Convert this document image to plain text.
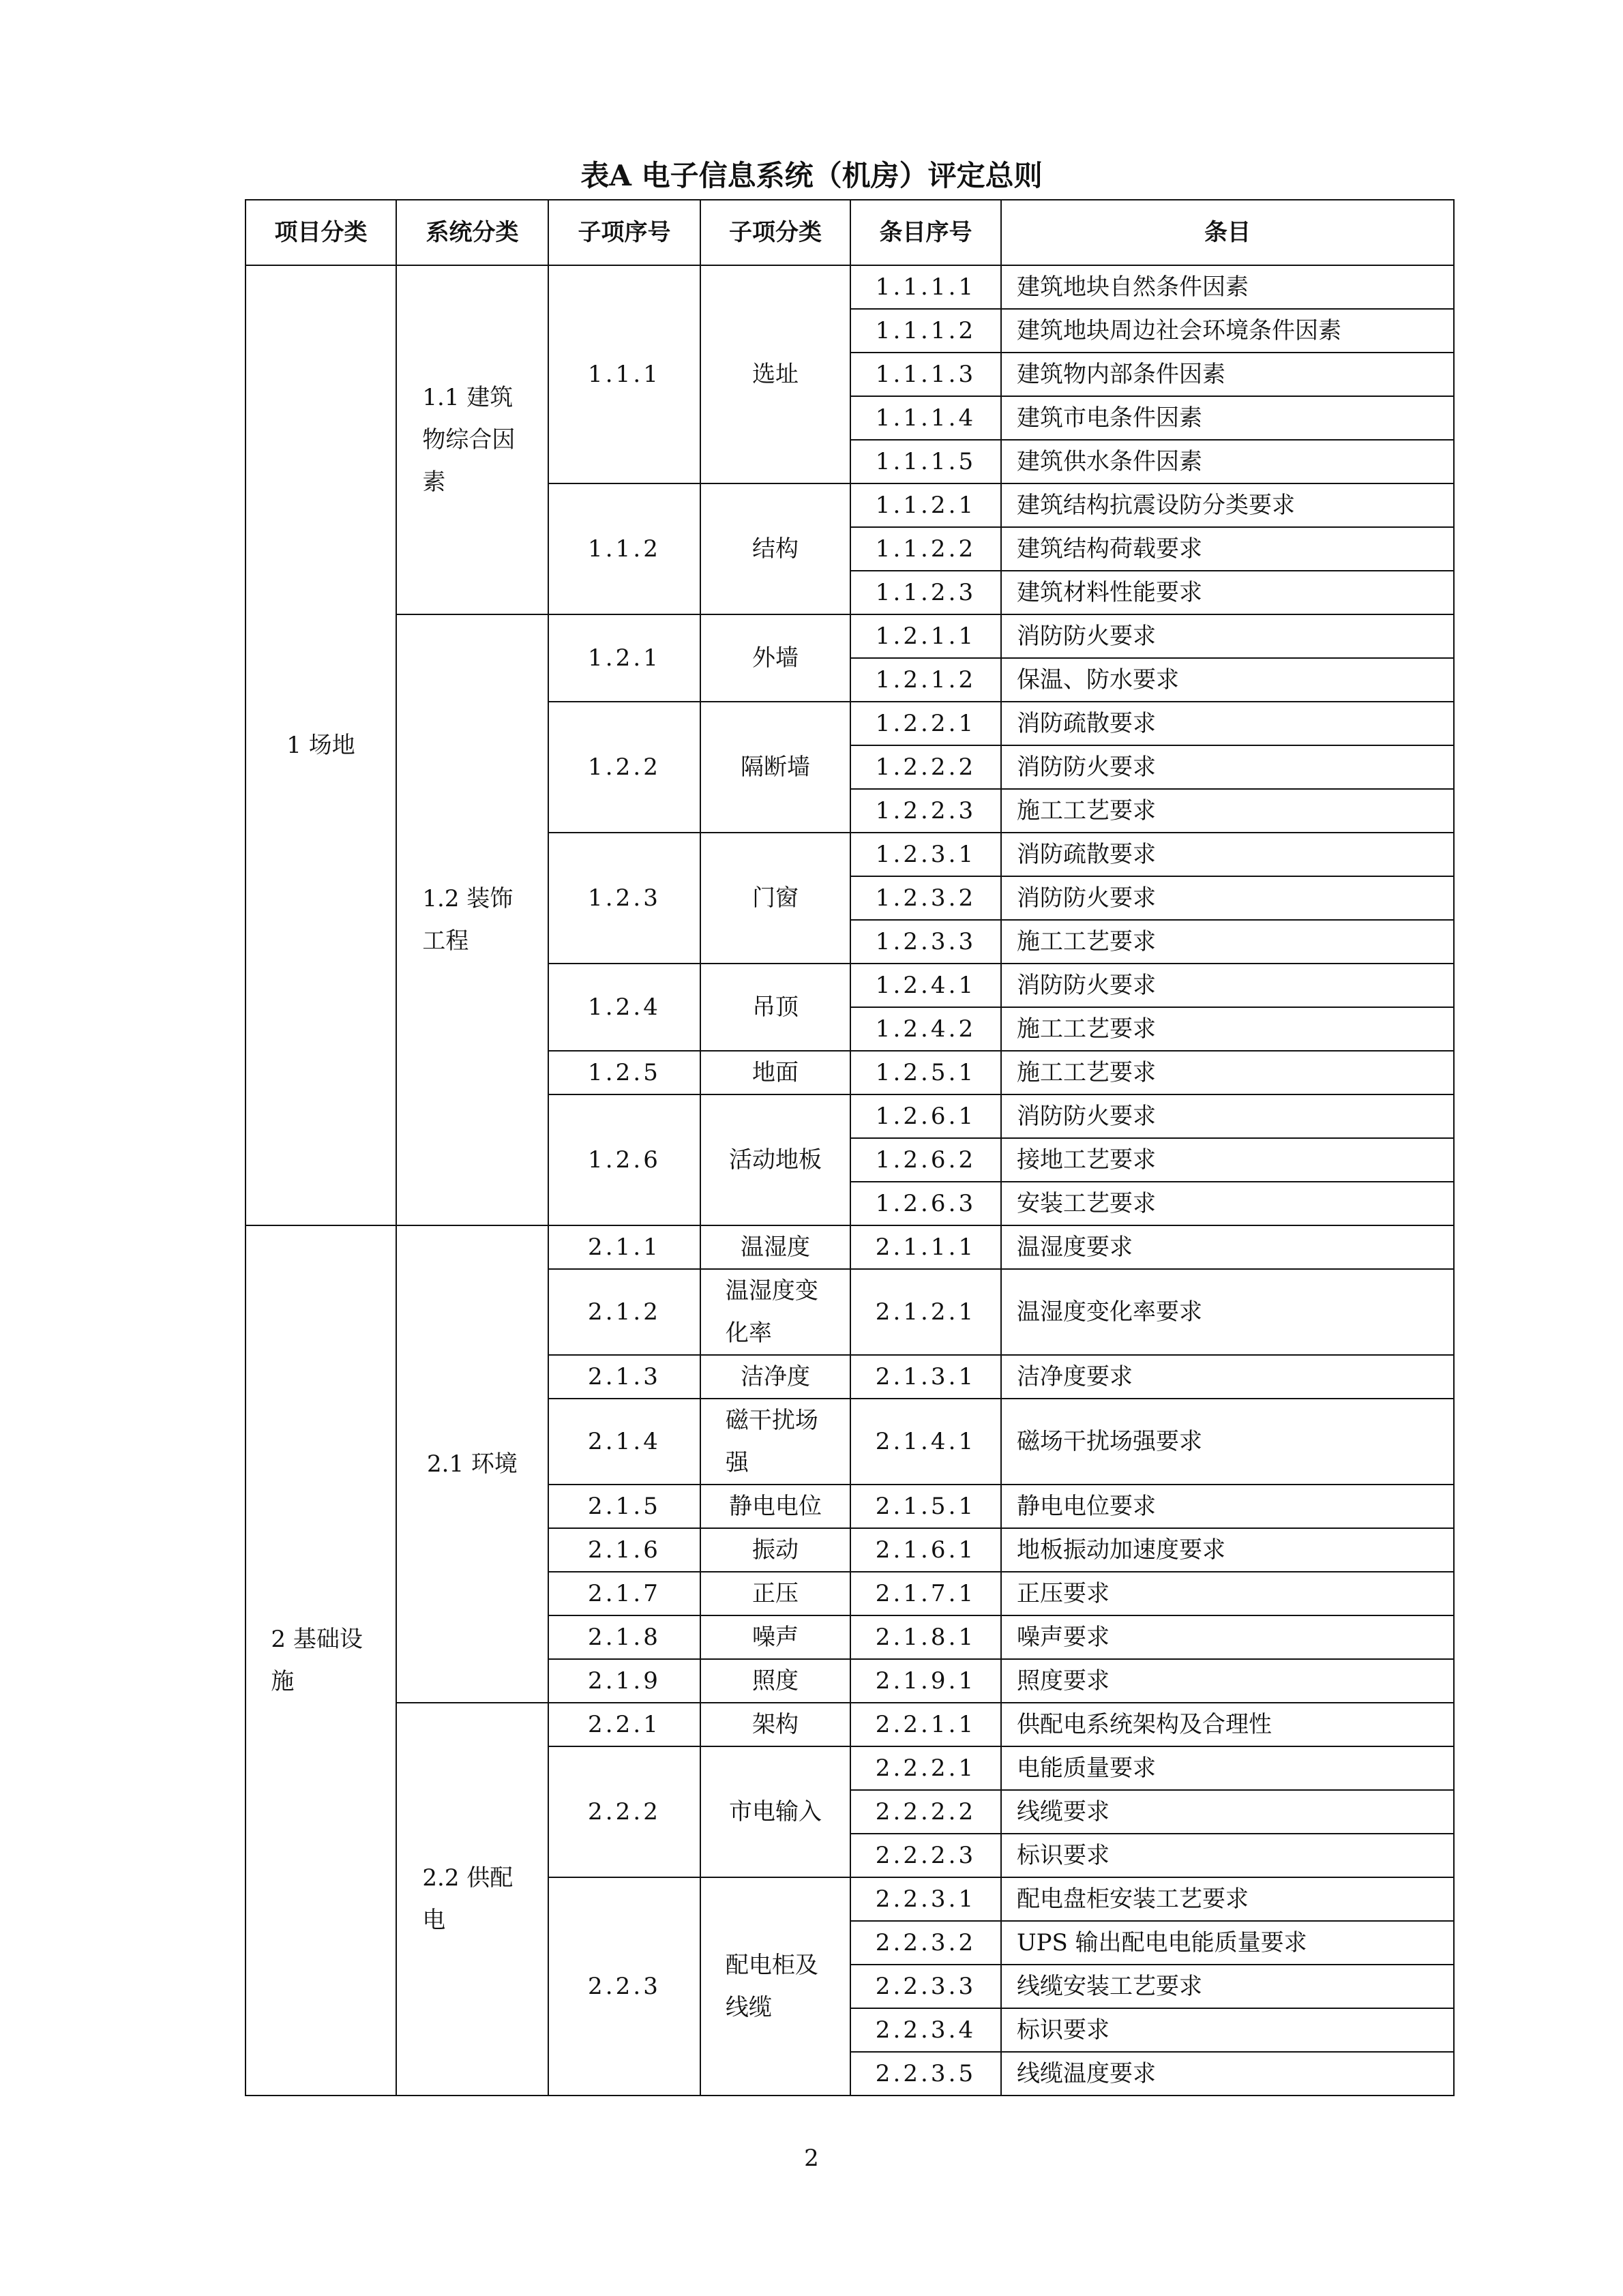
表A 电子信息系统（机房）评定总则
项目分类	系统分类	子项序号	子项分类	条目序号	条目
1 场地	1.1 建筑物综合因素	1.1.1	选址	1.1.1.1	建筑地块自然条件因素
				1.1.1.2	建筑地块周边社会环境条件因素
				1.1.1.3	建筑物内部条件因素
				1.1.1.4	建筑市电条件因素
				1.1.1.5	建筑供水条件因素
		1.1.2	结构	1.1.2.1	建筑结构抗震设防分类要求
				1.1.2.2	建筑结构荷载要求
				1.1.2.3	建筑材料性能要求
	1.2 装饰工程	1.2.1	外墙	1.2.1.1	消防防火要求
				1.2.1.2	保温、防水要求
		1.2.2	隔断墙	1.2.2.1	消防疏散要求
				1.2.2.2	消防防火要求
				1.2.2.3	施工工艺要求
		1.2.3	门窗	1.2.3.1	消防疏散要求
				1.2.3.2	消防防火要求
				1.2.3.3	施工工艺要求
		1.2.4	吊顶	1.2.4.1	消防防火要求
				1.2.4.2	施工工艺要求
		1.2.5	地面	1.2.5.1	施工工艺要求
		1.2.6	活动地板	1.2.6.1	消防防火要求
				1.2.6.2	接地工艺要求
				1.2.6.3	安装工艺要求
2 基础设施	2.1 环境	2.1.1	温湿度	2.1.1.1	温湿度要求
		2.1.2	温湿度变化率	2.1.2.1	温湿度变化率要求
		2.1.3	洁净度	2.1.3.1	洁净度要求
		2.1.4	磁干扰场强	2.1.4.1	磁场干扰场强要求
		2.1.5	静电电位	2.1.5.1	静电电位要求
		2.1.6	振动	2.1.6.1	地板振动加速度要求
		2.1.7	正压	2.1.7.1	正压要求
		2.1.8	噪声	2.1.8.1	噪声要求
		2.1.9	照度	2.1.9.1	照度要求
	2.2 供配电	2.2.1	架构	2.2.1.1	供配电系统架构及合理性
		2.2.2	市电输入	2.2.2.1	电能质量要求
				2.2.2.2	线缆要求
				2.2.2.3	标识要求
		2.2.3	配电柜及线缆	2.2.3.1	配电盘柜安装工艺要求
				2.2.3.2	UPS 输出配电电能质量要求
				2.2.3.3	线缆安装工艺要求
				2.2.3.4	标识要求
				2.2.3.5	线缆温度要求
2
